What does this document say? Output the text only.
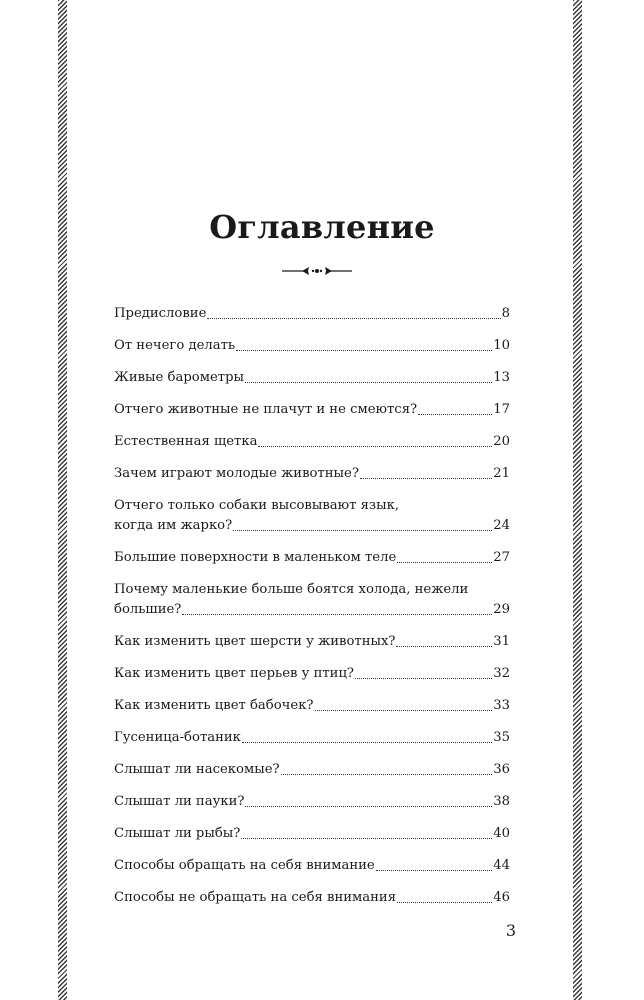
Оглавление
Предисловие	8
От нечего делать	10
Живые барометры	13
Отчего животные не плачут и не смеются?	17
Естественная щетка	20
Зачем играют молодые животные?	21
Отчего только собаки высовывают язык,
когда им жарко?	24
Большие поверхности в маленьком теле	27
Почему маленькие больше боятся холода, нежели
большие?	29
Как изменить цвет шерсти у животных?	31
Как изменить цвет перьев у птиц?	32
Как изменить цвет бабочек?	33
Гусеница-ботаник	35
Слышат ли насекомые?	36
Слышат ли пауки?	38
Слышат ли рыбы?	40
Способы обращать на себя внимание	44
Способы не обращать на себя внимания	46
3
